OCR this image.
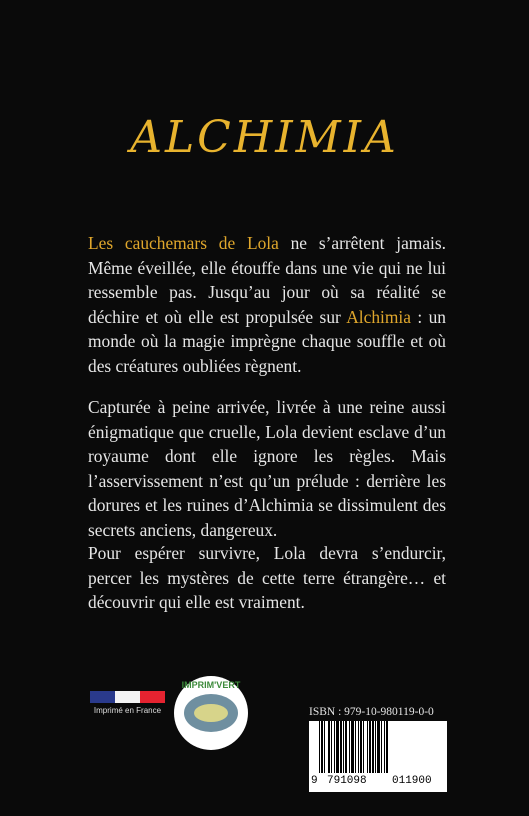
ALCHIMIA
Les cauchemars de Lola ne s’arrêtent jamais. Même éveillée, elle étouffe dans une vie qui ne lui ressemble pas. Jusqu’au jour où sa réalité se déchire et où elle est propulsée sur Alchimia : un monde où la magie imprègne chaque souffle et où des créatures oubliées règnent.
Capturée à peine arrivée, livrée à une reine aussi énigmatique que cruelle, Lola devient esclave d’un royaume dont elle ignore les règles. Mais l’asservissement n’est qu’un prélude : derrière les dorures et les ruines d’Alchimia se dissimulent des secrets anciens, dangereux.
Pour espérer survivre, Lola devra s’endurcir, percer les mystères de cette terre étrangère… et découvrir qui elle est vraiment.
Imprimé en France
IMPRIM'VERT
ISBN : 979-10-980119-0-0
9 791098 011900
